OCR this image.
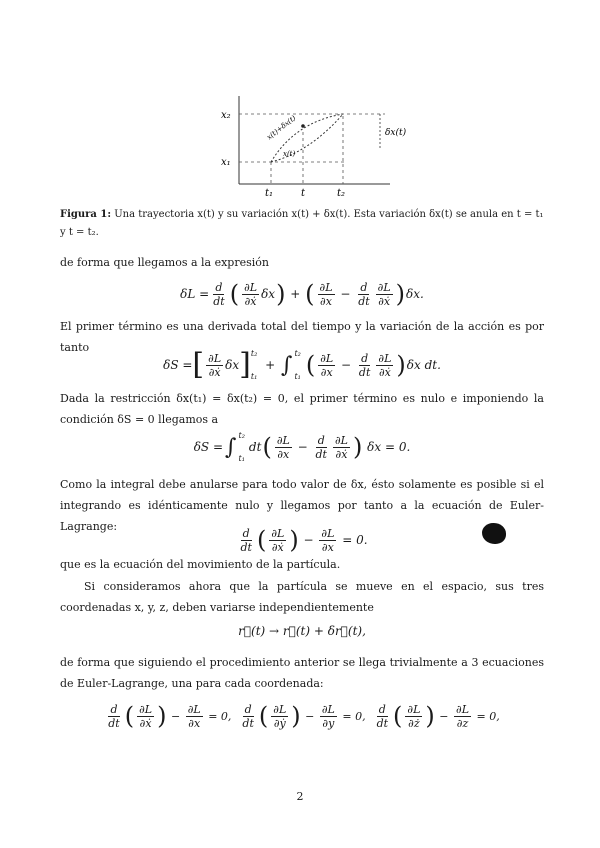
x₂
x₁
t₁	t	t₂
δx(t)
x(t)+δx(t)
x(t)
Figura 1: Una trayectoria x(t) y su variación x(t) + δx(t). Esta variación δx(t) se anula en t = t₁ y t = t₂.
de forma que llegamos a la expresión
$\delta L = \frac{d}{dt}$ ( $\frac{\partial L}{\text{∂ẋ}}$ δx ) + ( $\frac{\partial L}{\partial x} - \frac{d}{dt} \frac{\partial L}{\text{∂ẋ}}$ ) δx.
El primer término es una derivada total del tiempo y la variación de la acción es por tanto
δS = [ $\frac{\partial L}{\text{∂ẋ}}$ δx ] t₂
t₁
+ ∫ t₂
t₁ ( $\frac{\partial L}{\partial x} - \frac{d}{dt} \frac{\partial L}{\text{∂ẋ}}$ ) δx dt.
Dada la restricción δx(t₁) = δx(t₂) = 0, el primer término es nulo e imponiendo la condición δS = 0 llegamos a
δS = ∫ t₂
t₁
dt ( $\frac{\partial L}{\partial x} - \frac{d}{dt} \frac{\partial L}{\text{∂ẋ}}$ )
δx = 0.
Como la integral debe anularse para todo valor de δx, ésto solamente es posible si el integrando es idénticamente nulo y llegamos por tanto a la ecuación de Euler-Lagrange:	$\frac{d}{dt}$ ( $\frac{\partial L}{\text{∂ẋ}}$ ) − $\frac{\partial L}{\partial x}$
= 0.
que es la ecuación del movimiento de la partícula.
Si consideramos ahora que la partícula se mueve en el espacio, sus tres coordenadas x, y, z, deben variarse independientemente
r⃗(t) → r⃗(t) + δr⃗(t),
de forma que siguiendo el procedimiento anterior se llega trivialmente a 3 ecuaciones de Euler-Lagrange, una para cada coordenada:
$\frac{d}{dt}$ ( $\frac{\partial L}{\text{∂ẋ}}$ ) − $\frac{\partial L}{\partial x}$
= 0,
$\frac{d}{dt}$ ( $\frac{\partial L}{\text{∂ẏ}}$ ) − $\frac{\partial L}{\partial y}$
= 0,
$\frac{d}{dt}$ ( $\frac{\partial L}{\partial ż}$ ) − $\frac{\partial L}{\partial z}$
= 0,
2
